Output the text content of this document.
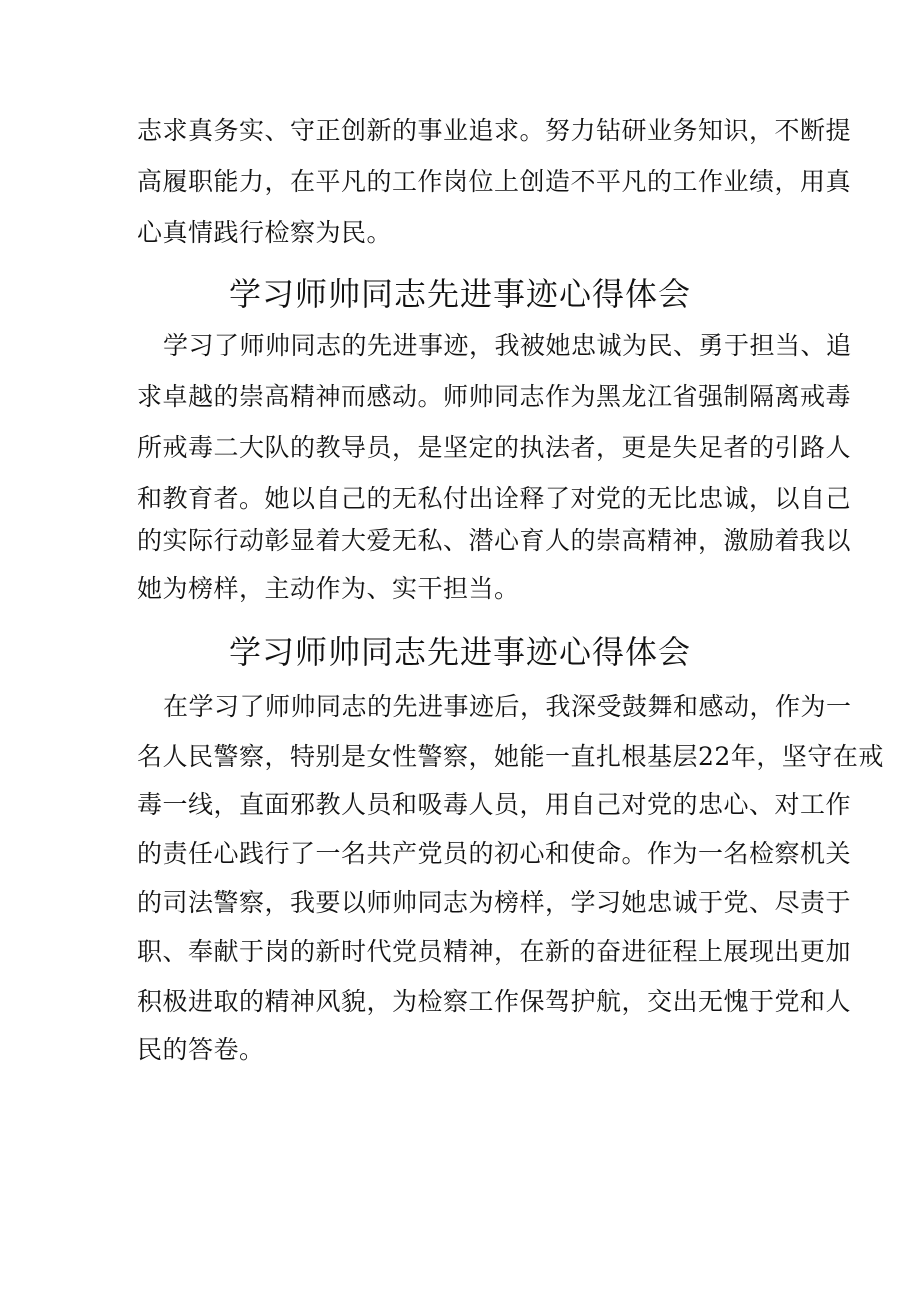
志求真务实、守正创新的事业追求。努力钻研业务知识，不断提
高履职能力，在平凡的工作岗位上创造不平凡的工作业绩，用真
心真情践行检察为民。
学习师帅同志先进事迹心得体会
学习了师帅同志的先进事迹，我被她忠诚为民、勇于担当、追
求卓越的崇高精神而感动。师帅同志作为黑龙江省强制隔离戒毒
所戒毒二大队的教导员，是坚定的执法者，更是失足者的引路人
和教育者。她以自己的无私付出诠释了对党的无比忠诚，以自己
的实际行动彰显着大爱无私、潜心育人的崇高精神，激励着我以
她为榜样，主动作为、实干担当。
学习师帅同志先进事迹心得体会
在学习了师帅同志的先进事迹后，我深受鼓舞和感动，作为一
名人民警察，特别是女性警察，她能一直扎根基层22年，坚守在戒
毒一线，直面邪教人员和吸毒人员，用自己对党的忠心、对工作
的责任心践行了一名共产党员的初心和使命。作为一名检察机关
的司法警察，我要以师帅同志为榜样，学习她忠诚于党、尽责于
职、奉献于岗的新时代党员精神，在新的奋进征程上展现出更加
积极进取的精神风貌，为检察工作保驾护航，交出无愧于党和人
民的答卷。
